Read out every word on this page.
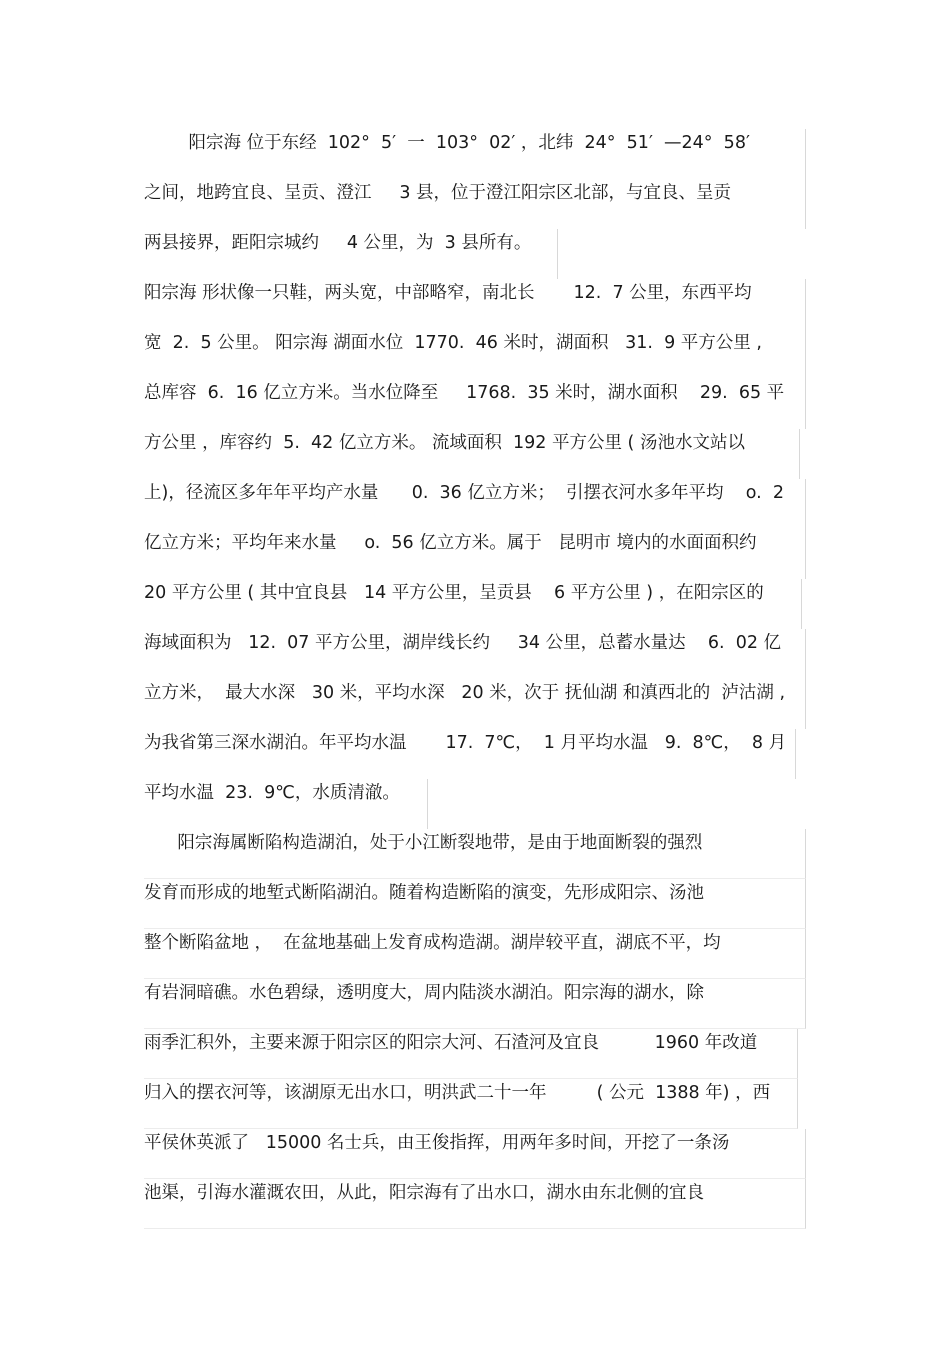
阳宗海 位于东经  102°  5′  一  103°  02′ ，北纬  24°  51′  —24°  58′
之间，地跨宜良、呈贡、澄江     3 县，位于澄江阳宗区北部，与宜良、呈贡
两县接界，距阳宗城约     4 公里，为  3 县所有。
阳宗海 形状像一只鞋，两头宽，中部略窄，南北长       12.  7 公里，东西平均
宽  2.  5 公里。 阳宗海 湖面水位  1770.  46 米时，湖面积   31.  9 平方公里 ,
总库容  6.  16 亿立方米。当水位降至     1768.  35 米时，湖水面积    29.  65 平
方公里 ，库容约  5.  42 亿立方米。 流域面积  192 平方公里 ( 汤池水文站以
上)，径流区多年年平均产水量      0.  36 亿立方米；  引摆衣河水多年平均    o.  2
亿立方米；平均年来水量     o.  56 亿立方米。属于   昆明市 境内的水面面积约
20 平方公里 ( 其中宜良县   14 平方公里，呈贡县    6 平方公里 ) ，在阳宗区的
海域面积为   12.  07 平方公里，湖岸线长约     34 公里，总蓄水量达    6.  02 亿
立方米，  最大水深   30 米，平均水深   20 米，次于 抚仙湖 和滇西北的  泸沽湖 ,
为我省第三深水湖泊。年平均水温       17.  7℃，  1 月平均水温   9.  8℃，  8 月
平均水温  23.  9℃，水质清澈。
阳宗海属断陷构造湖泊，处于小江断裂地带，是由于地面断裂的强烈
发育而形成的地堑式断陷湖泊。随着构造断陷的演变，先形成阳宗、汤池
整个断陷盆地 ，  在盆地基础上发育成构造湖。湖岸较平直，湖底不平，均
有岩洞暗礁。水色碧绿，透明度大，周内陆淡水湖泊。阳宗海的湖水，除
雨季汇积外，主要来源于阳宗区的阳宗大河、石渣河及宜良          1960 年改道
归入的摆衣河等，该湖原无出水口，明洪武二十一年         ( 公元  1388 年) ，西
平侯休英派了   15000 名士兵，由王俊指挥，用两年多时间，开挖了一条汤
池渠，引海水灌溉农田，从此，阳宗海有了出水口，湖水由东北侧的宜良
